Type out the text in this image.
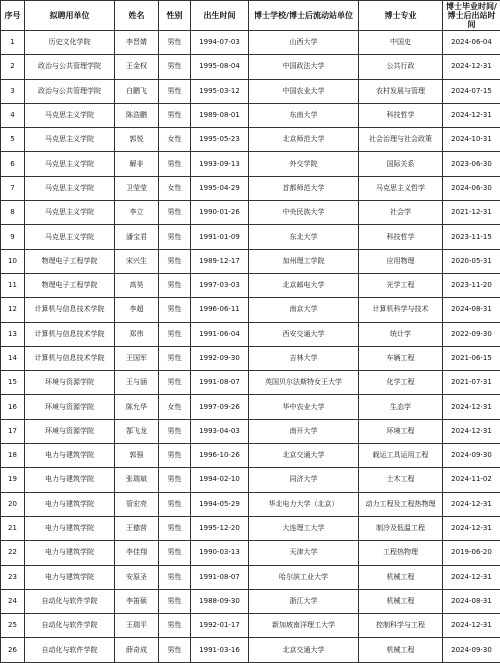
序号	拟聘用单位	姓名	性别	出生时间	博士学校/博士后流动站单位	博士专业	博士毕业时间/博士后出站时间
1	历史文化学院	李晋婧	男性	1994-07-03	山西大学	中国史	2024-06-04
2	政治与公共管理学院	王金权	男性	1995-08-04	中国政法大学	公共行政	2024-12-31
3	政治与公共管理学院	白鹏飞	男性	1995-03-12	中国农业大学	农村发展与管理	2024-07-15
4	马克思主义学院	陈浩鹏	男性	1989-08-01	东南大学	科技哲学	2024-12-31
5	马克思主义学院	郭悦	女性	1995-05-23	北京师范大学	社会治理与社会政策	2024-10-31
6	马克思主义学院	解非	男性	1993-09-13	外交学院	国际关系	2023-06-30
7	马克思主义学院	卫莹莹	女性	1995-04-29	首都师范大学	马克思主义哲学	2024-06-30
8	马克思主义学院	李立	男性	1990-01-26	中央民族大学	社会学	2021-12-31
9	马克思主义学院	潘宝君	男性	1991-01-09	东北大学	科技哲学	2023-11-15
10	物理电子工程学院	宋兴生	男性	1989-12-17	加州理工学院	应用物理	2020-05-31
11	物理电子工程学院	高昊	男性	1997-03-03	北京邮电大学	光学工程	2023-11-20
12	计算机与信息技术学院	李超	男性	1996-06-11	南京大学	计算机科学与技术	2024-08-31
13	计算机与信息技术学院	郑伟	男性	1991-06-04	西安交通大学	统计学	2022-09-30
14	计算机与信息技术学院	王国军	男性	1992-09-30	吉林大学	车辆工程	2021-06-15
15	环境与资源学院	王与涵	男性	1991-08-07	英国贝尔法斯特女王大学	化学工程	2021-07-31
16	环境与资源学院	陈允华	女性	1997-09-26	华中农业大学	生态学	2024-12-31
17	环境与资源学院	郜飞龙	男性	1993-04-03	南开大学	环境工程	2024-12-31
18	电力与建筑学院	郭强	男性	1996-10-26	北京交通大学	载运工具运用工程	2024-09-30
19	电力与建筑学院	张瑞斌	男性	1994-02-10	同济大学	土木工程	2024-11-02
20	电力与建筑学院	管宏亮	男性	1994-05-29	华北电力大学（北京）	动力工程及工程热物理	2024-12-31
21	电力与建筑学院	王德营	男性	1995-12-20	大连理工大学	制冷及低温工程	2024-12-31
22	电力与建筑学院	李佳翔	男性	1990-03-13	天津大学	工程热物理	2019-06-20
23	电力与建筑学院	安原圣	男性	1991-08-07	哈尔滨工业大学	机械工程	2024-12-31
24	自动化与软件学院	李笛硕	男性	1988-09-30	浙江大学	机械工程	2024-08-31
25	自动化与软件学院	王瑞平	男性	1992-01-17	新加坡南洋理工大学	控制科学与工程	2024-12-31
26	自动化与软件学院	薛奇成	男性	1991-03-16	北京交通大学	机械工程	2024-09-30
